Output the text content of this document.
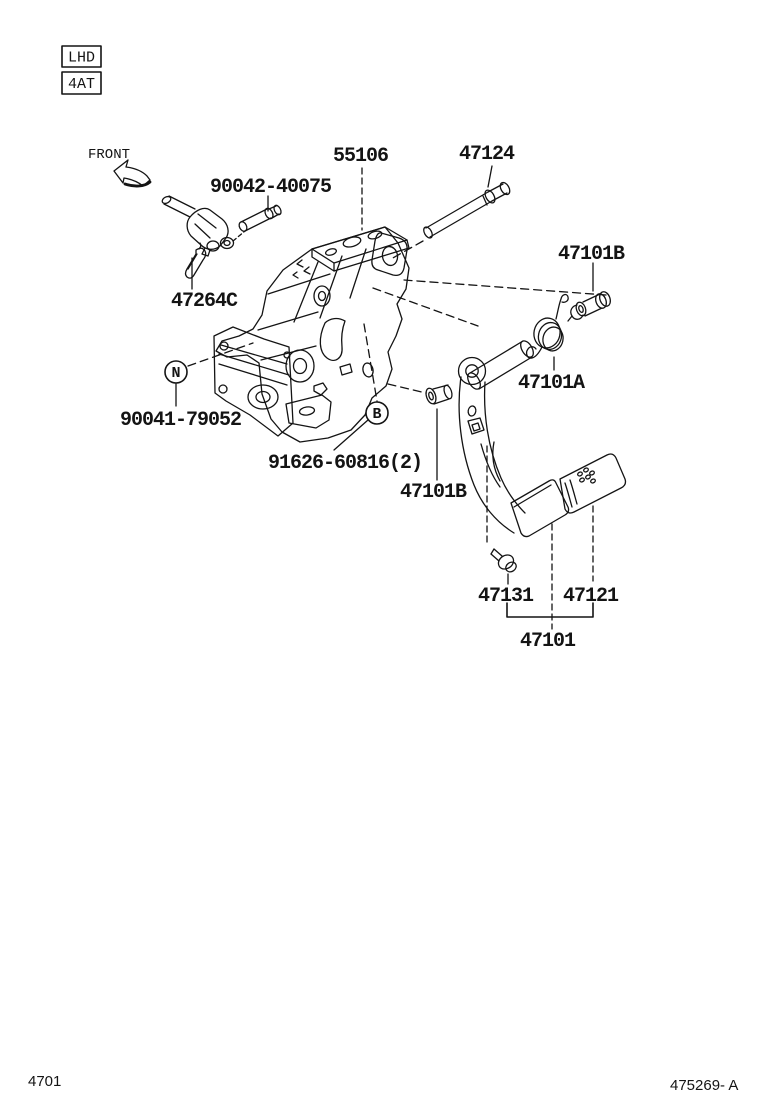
LHD
4AT
FRONT
N
B
90042-40075
55106	47124
47101B
47264C
47101A
90041-79052
91626-60816(2)
47101B
47131 47121
47101
4701	475269- A
